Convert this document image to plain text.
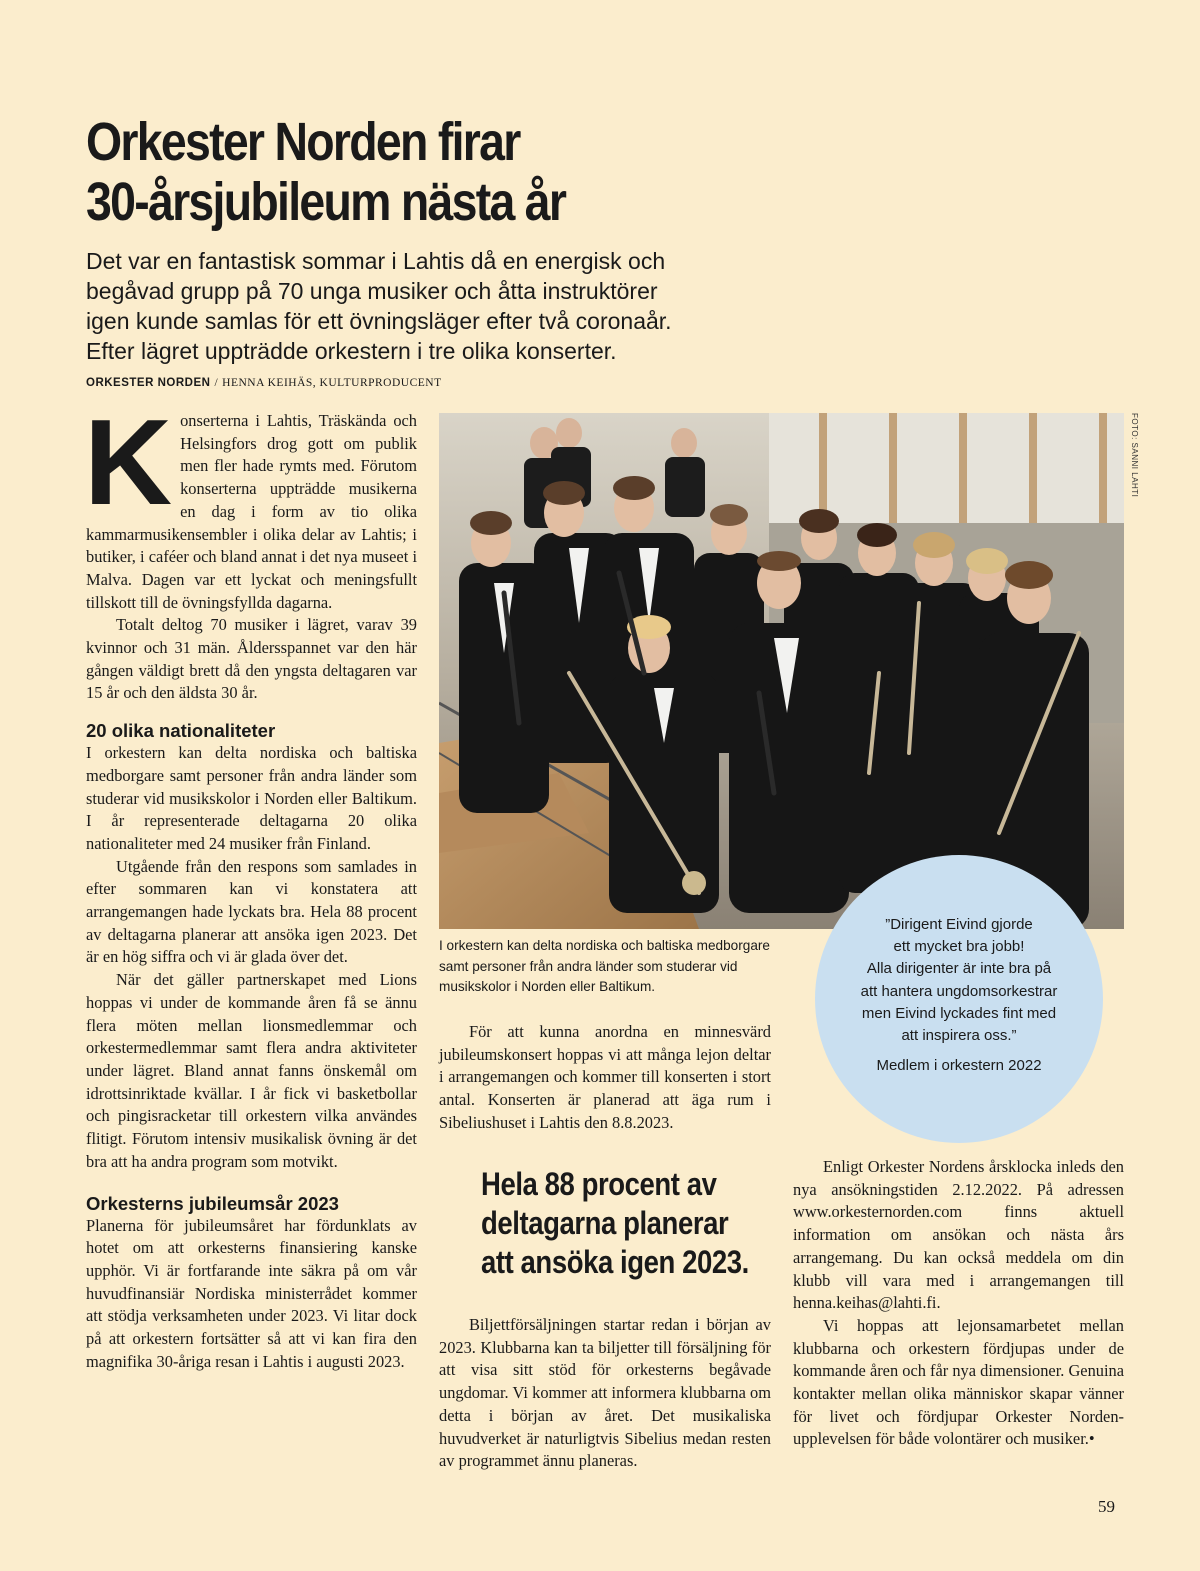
Orkester Norden firar
30-årsjubileum nästa år
Det var en fantastisk sommar i Lahtis då en energisk och
begåvad grupp på 70 unga musiker och åtta instruktörer
igen kunde samlas för ett övningsläger efter två coronaår.
Efter lägret uppträdde orkestern i tre olika konserter.
ORKESTER NORDEN / HENNA KEIHÄS, KULTURPRODUCENT

Konserterna i Lahtis, Träskända och Helsingfors drog gott om publik men fler hade rymts med. Förutom konserterna uppträdde musikerna en dag i form av tio olika kammarmusikensembler i olika delar av Lahtis; i butiker, i caféer och bland annat i det nya museet i Malva. Dagen var ett lyckat och meningsfullt tillskott till de övningsfyllda dagarna.

Totalt deltog 70 musiker i lägret, varav 39 kvinnor och 31 män. Åldersspannet var den här gången väldigt brett då den yngsta deltagaren var 15 år och den äldsta 30 år.

20 olika nationaliteter

I orkestern kan delta nordiska och baltiska medborgare samt personer från andra länder som studerar vid musikskolor i Norden eller Baltikum. I år representerade deltagarna 20 olika nationaliteter med 24 musiker från Finland.

Utgående från den respons som samlades in efter sommaren kan vi konstatera att arrangemangen hade lyckats bra. Hela 88 procent av deltagarna planerar att ansöka igen 2023. Det är en hög siffra och vi är glada över det.

När det gäller partnerskapet med Lions hoppas vi under de kommande åren få se ännu flera möten mellan lionsmedlemmar och orkestermedlemmar samt flera andra aktiviteter under lägret. Bland annat fanns önskemål om idrottsinriktade kvällar. I år fick vi basketbollar och pingisracketar till orkestern vilka användes flitigt. Förutom intensiv musikalisk övning är det bra att ha andra program som motvikt.

Orkesterns jubileumsår 2023

Planerna för jubileumsåret har fördunklats av hotet om att orkesterns finansiering kanske upphör. Vi är fortfarande inte säkra på om vår huvudfinansiär Nordiska ministerrådet kommer att stödja verksamheten under 2023. Vi litar dock på att orkestern fortsätter så att vi kan fira den magnifika 30-åriga resan i Lahtis i augusti 2023.

FOTO: SANNI LAHTI
I orkestern kan delta nordiska och baltiska medborgare samt personer från andra länder som studerar vid musikskolor i Norden eller Baltikum.
”Dirigent Eivind gjorde
ett mycket bra jobb!
Alla dirigenter är inte bra på
att hantera ungdomsorkestrar
men Eivind lyckades fint med
att inspirera oss.”
Medlem i orkestern 2022

För att kunna anordna en minnesvärd jubileumskonsert hoppas vi att många lejon deltar i arrangemangen och kommer till konserten i stort antal. Konserten är planerad att äga rum i Sibeliushuset i Lahtis den 8.8.2023.

Hela 88 procent av
deltagarna planerar
att ansöka igen 2023.

Biljettförsäljningen startar redan i början av 2023. Klubbarna kan ta biljetter till försäljning för att visa sitt stöd för orkesterns begåvade ungdomar. Vi kommer att informera klubbarna om detta i början av året. Det musikaliska huvudverket är naturligtvis Sibelius medan resten av programmet ännu planeras.

Enligt Orkester Nordens årsklocka inleds den nya ansökningstiden 2.12.2022. På adressen www.orkesternorden.com finns aktuell information om ansökan och nästa års arrangemang. Du kan också meddela om din klubb vill vara med i arrangemangen till henna.keihas@lahti.fi.

Vi hoppas att lejonsamarbetet mellan klubbarna och orkestern fördjupas under de kommande åren och får nya dimensioner. Genuina kontakter mellan olika människor skapar vänner för livet och fördjupar Orkester Norden-upplevelsen för både volontärer och musiker.•

59
